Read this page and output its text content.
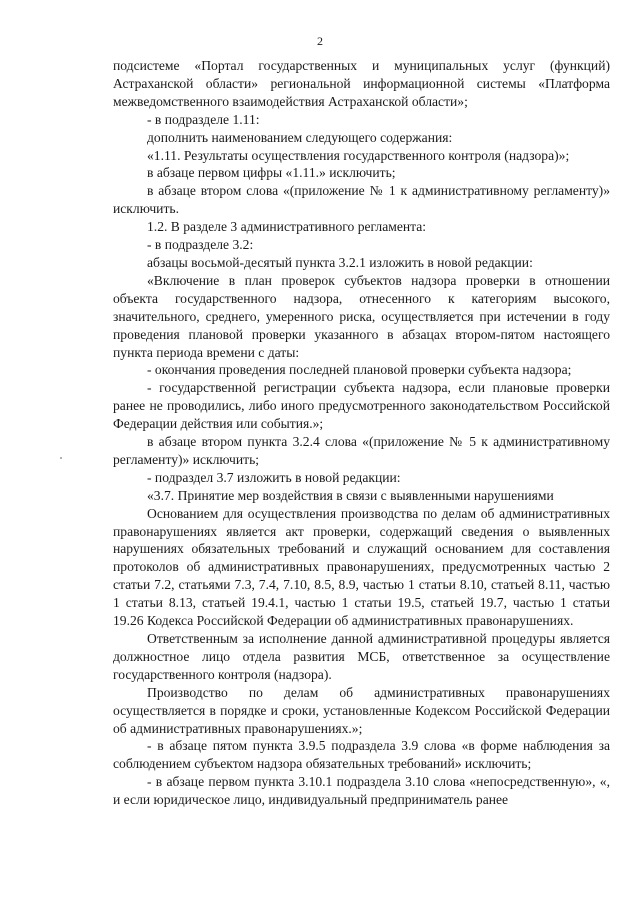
2

подсистеме «Портал государственных и муниципальных услуг (функций) Астраханской области» региональной информационной системы «Платформа межведомственного взаимодействия Астраханской области»;

- в подразделе 1.11:

дополнить наименованием следующего содержания:

«1.11. Результаты осуществления государственного контроля (надзора)»;

в абзаце первом цифры «1.11.» исключить;

в абзаце втором слова «(приложение № 1 к административному регламенту)» исключить.

1.2. В разделе 3 административного регламента:

- в подразделе 3.2:

абзацы восьмой-десятый пункта 3.2.1 изложить в новой редакции:

«Включение в план проверок субъектов надзора проверки в отношении объекта государственного надзора, отнесенного к категориям высокого, значительного, среднего, умеренного риска, осуществляется при истечении в году проведения плановой проверки указанного в абзацах втором-пятом настоящего пункта периода времени с даты:

- окончания проведения последней плановой проверки субъекта надзора;

- государственной регистрации субъекта надзора, если плановые проверки ранее не проводились, либо иного предусмотренного законодательством Российской Федерации действия или события.»;

в абзаце втором пункта 3.2.4 слова «(приложение № 5 к административному регламенту)» исключить;

- подраздел 3.7 изложить в новой редакции:

«3.7. Принятие мер воздействия в связи с выявленными нарушениями

Основанием для осуществления производства по делам об административных правонарушениях является акт проверки, содержащий сведения о выявленных нарушениях обязательных требований и служащий основанием для составления протоколов об административных правонарушениях, предусмотренных частью 2 статьи 7.2, статьями 7.3, 7.4, 7.10, 8.5, 8.9, частью 1 статьи 8.10, статьей 8.11, частью 1 статьи 8.13, статьей 19.4.1, частью 1 статьи 19.5, статьей 19.7, частью 1 статьи 19.26 Кодекса Российской Федерации об административных правонарушениях.

Ответственным за исполнение данной административной процедуры является должностное лицо отдела развития МСБ, ответственное за осуществление государственного контроля (надзора).

Производство по делам об административных правонарушениях осуществляется в порядке и сроки, установленные Кодексом Российской Федерации об административных правонарушениях.»;

- в абзаце пятом пункта 3.9.5 подраздела 3.9 слова «в форме наблюдения за соблюдением субъектом надзора обязательных требований» исключить;

- в абзаце первом пункта 3.10.1 подраздела 3.10 слова «непосредственную», «, и если юридическое лицо, индивидуальный предприниматель ранее
